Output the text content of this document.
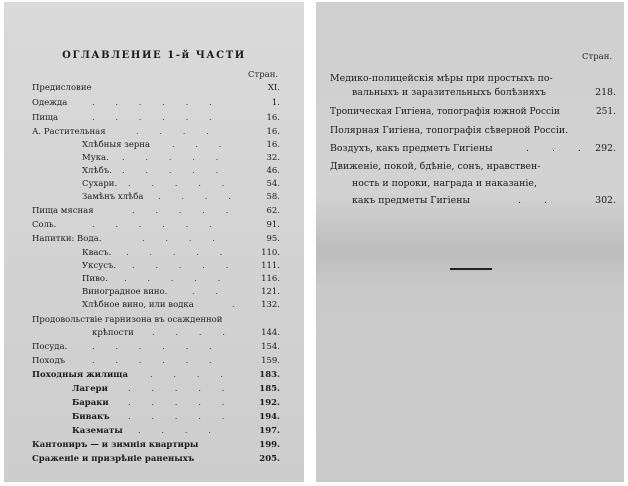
ОГЛАВЛЕНИЕ 1-й ЧАСТИ
Стран.
Предисловие	XI.
Одежда	. . . . . .	1.
Пища	. . . . . .	16.
А. Растительная	. . . .	16.
Хлѣбныя зерна	. . .	16.
Мука. . . . . .	32.
Хлѣбъ. . . . . .	46.
Сухари. . . . . .	54.
Замѣнъ хлѣба . . . .	58.
Пища мясная	. . . . .	62.
Соль.	. . . . . .	91.
Напитки: Вода.	. . . .	95.
Квасъ. . . . . .	110.
Уксусъ. . . . . .	111.
Пиво. . . . . .	116.
Виноградное вино.	. .	121.
Хлѣбное вино, или водка	. 132.
Продовольствіе гарнизона въ осажденной
крѣпости . . . .	144.
Посуда.	. . . . . .	154.
Походъ	. . . . . .	159.
Походныя жилища	. . . .	183.
Лагери . . . . .	185.
Бараки . . . . .	192.
Бивакъ . . . . .	194.
Казематы . . . .	197.
Кантониръ — и зимнія квартиры	199.
Сраженіе и призрѣніе раненыхъ	205.
Стран.
Медико-полицейскія мѣры при простыхъ по-
вальныхъ и заразительныхъ болѣзняхъ	218.
Тропическая Гигіена, топографія южной Россіи	251.
Полярная Гигіена, топографія сѣверной Россіи.
Воздухъ, какъ предметъ Гигіены	. . . 292.
Движеніе, покой, бдѣніе, сонъ, нравствен-
ность и пороки, награда и наказаніе,
какъ предметы Гигіены	. .	302.
